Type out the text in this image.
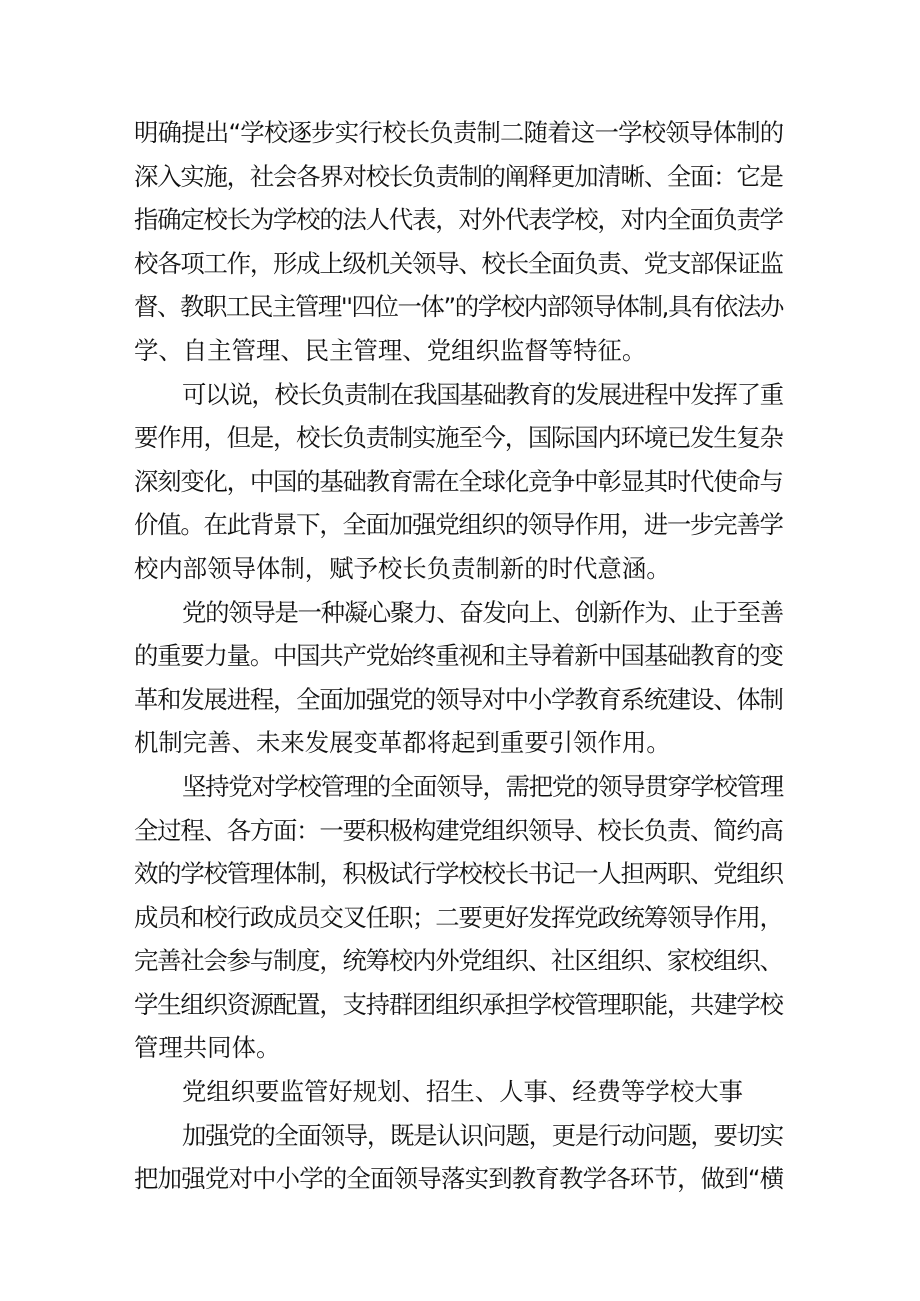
明确提出“学校逐步实行校长负责制二随着这一学校领导体制的
深入实施，社会各界对校长负责制的阐释更加清晰、全面：它是
指确定校长为学校的法人代表，对外代表学校，对内全面负责学
校各项工作，形成上级机关领导、校长全面负责、党支部保证监
督、教职工民主管理''四位一体”的学校内部领导体制,具有依法办
学、自主管理、民主管理、党组织监督等特征。
可以说，校长负责制在我国基础教育的发展进程中发挥了重
要作用，但是，校长负责制实施至今，国际国内环境已发生复杂
深刻变化，中国的基础教育需在全球化竞争中彰显其时代使命与
价值。在此背景下，全面加强党组织的领导作用，进一步完善学
校内部领导体制，赋予校长负责制新的时代意涵。
党的领导是一种凝心聚力、奋发向上、创新作为、止于至善
的重要力量。中国共产党始终重视和主导着新中国基础教育的变
革和发展进程，全面加强党的领导对中小学教育系统建设、体制
机制完善、未来发展变革都将起到重要引领作用。
坚持党对学校管理的全面领导，需把党的领导贯穿学校管理
全过程、各方面：一要积极构建党组织领导、校长负责、简约高
效的学校管理体制，积极试行学校校长书记一人担两职、党组织
成员和校行政成员交叉任职；二要更好发挥党政统筹领导作用，
完善社会参与制度，统筹校内外党组织、社区组织、家校组织、
学生组织资源配置，支持群团组织承担学校管理职能，共建学校
管理共同体。
党组织要监管好规划、招生、人事、经费等学校大事
加强党的全面领导，既是认识问题，更是行动问题，要切实
把加强党对中小学的全面领导落实到教育教学各环节，做到“横
